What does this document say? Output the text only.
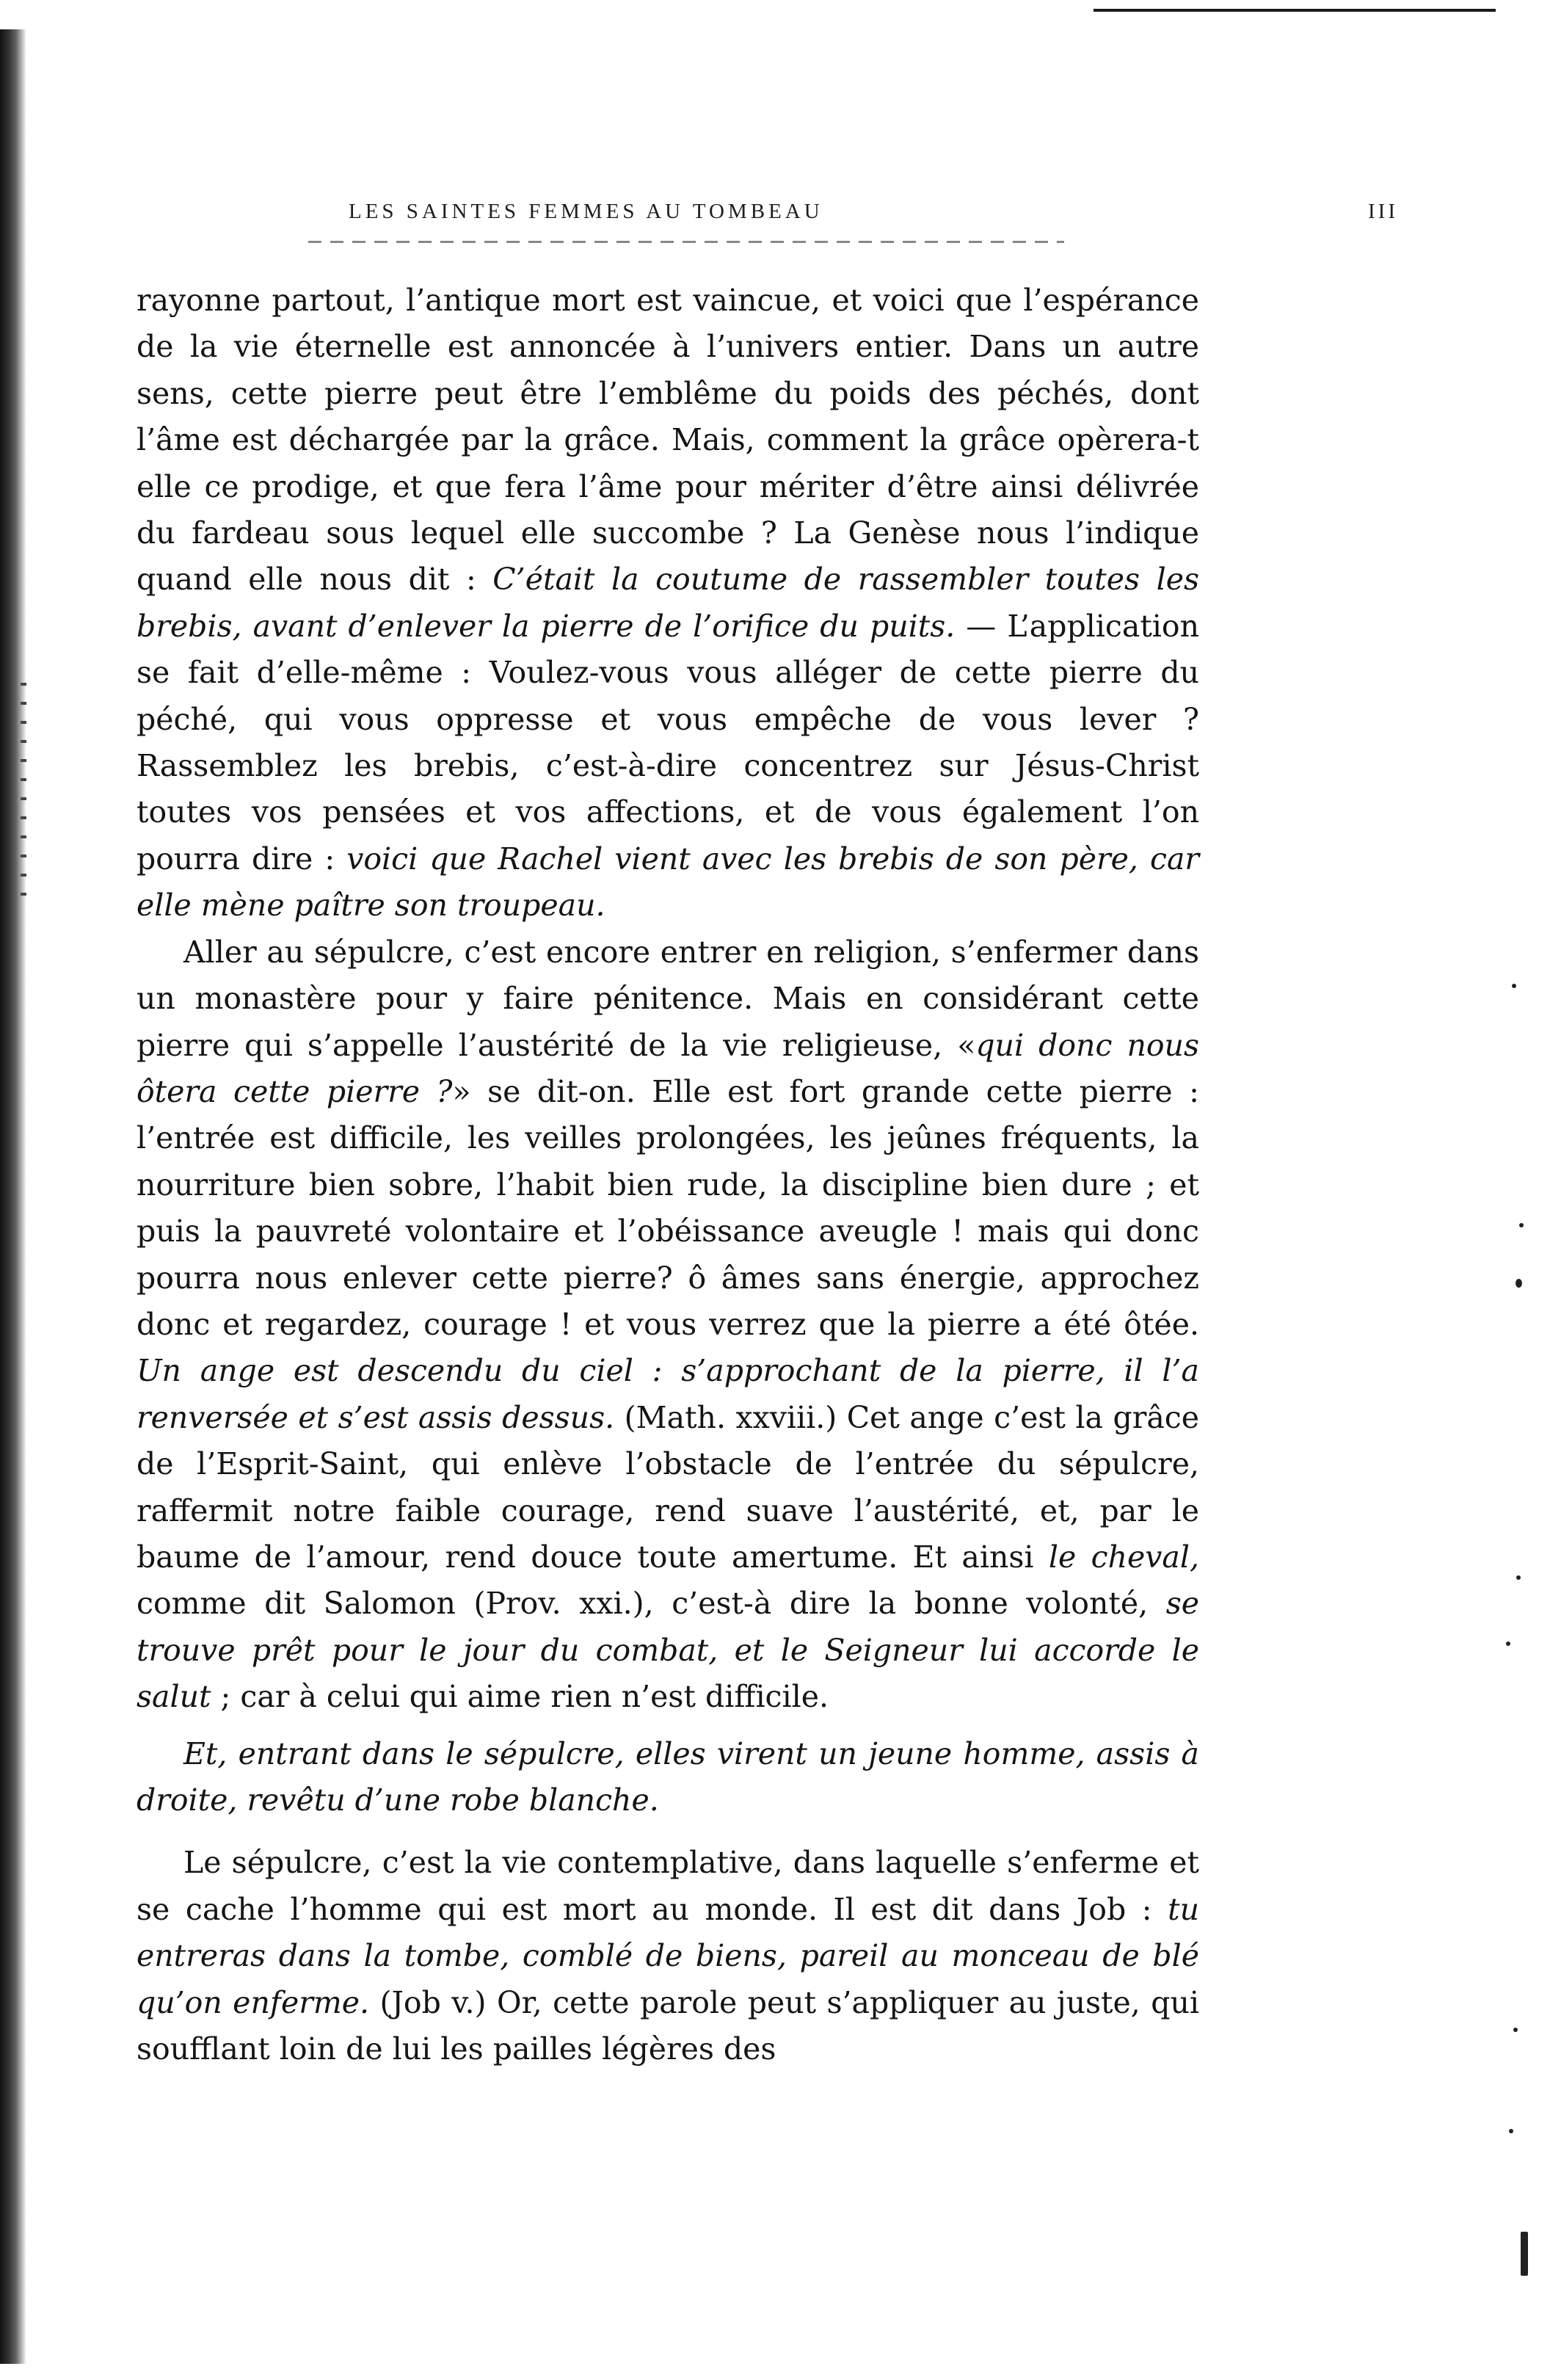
LES SAINTES FEMMES AU TOMBEAU	III

rayonne partout, l’antique mort est vaincue, et voici que l’espérance de la vie éternelle est annoncée à l’univers entier. Dans un autre sens, cette pierre peut être l’emblême du poids des péchés, dont l’âme est déchargée par la grâce. Mais, comment la grâce opèrera-t elle ce prodige, et que fera l’âme pour mériter d’être ainsi délivrée du fardeau sous lequel elle succombe ? La Genèse nous l’indique quand elle nous dit : C’était la coutume de rassembler toutes les brebis, avant d’enlever la pierre de l’orifice du puits. — L’application se fait d’elle-même : Voulez-vous vous alléger de cette pierre du péché, qui vous oppresse et vous empêche de vous lever ? Rassemblez les brebis, c’est-à-dire concentrez sur Jésus-Christ toutes vos pensées et vos affections, et de vous également l’on pourra dire : voici que Rachel vient avec les brebis de son père, car elle mène paître son troupeau.

Aller au sépulcre, c’est encore entrer en religion, s’enfermer dans un monastère pour y faire pénitence. Mais en considérant cette pierre qui s’appelle l’austérité de la vie religieuse, «qui donc nous ôtera cette pierre ?» se dit-on. Elle est fort grande cette pierre : l’entrée est difficile, les veilles prolongées, les jeûnes fréquents, la nourriture bien sobre, l’habit bien rude, la discipline bien dure ; et puis la pauvreté volontaire et l’obéissance aveugle ! mais qui donc pourra nous enlever cette pierre? ô âmes sans énergie, approchez donc et regardez, courage ! et vous verrez que la pierre a été ôtée. Un ange est descendu du ciel : s’approchant de la pierre, il l’a renversée et s’est assis dessus. (Math. xxviii.) Cet ange c’est la grâce de l’Esprit-Saint, qui enlève l’obstacle de l’entrée du sépulcre, raffermit notre faible courage, rend suave l’austérité, et, par le baume de l’amour, rend douce toute amertume. Et ainsi le cheval, comme dit Salomon (Prov. xxi.), c’est-à dire la bonne volonté, se trouve prêt pour le jour du combat, et le Seigneur lui accorde le salut ; car à celui qui aime rien n’est difficile.

Et, entrant dans le sépulcre, elles virent un jeune homme, assis à droite, revêtu d’une robe blanche.

Le sépulcre, c’est la vie contemplative, dans laquelle s’enferme et se cache l’homme qui est mort au monde. Il est dit dans Job : tu entreras dans la tombe, comblé de biens, pareil au monceau de blé qu’on enferme. (Job v.) Or, cette parole peut s’appliquer au juste, qui soufflant loin de lui les pailles légères des
